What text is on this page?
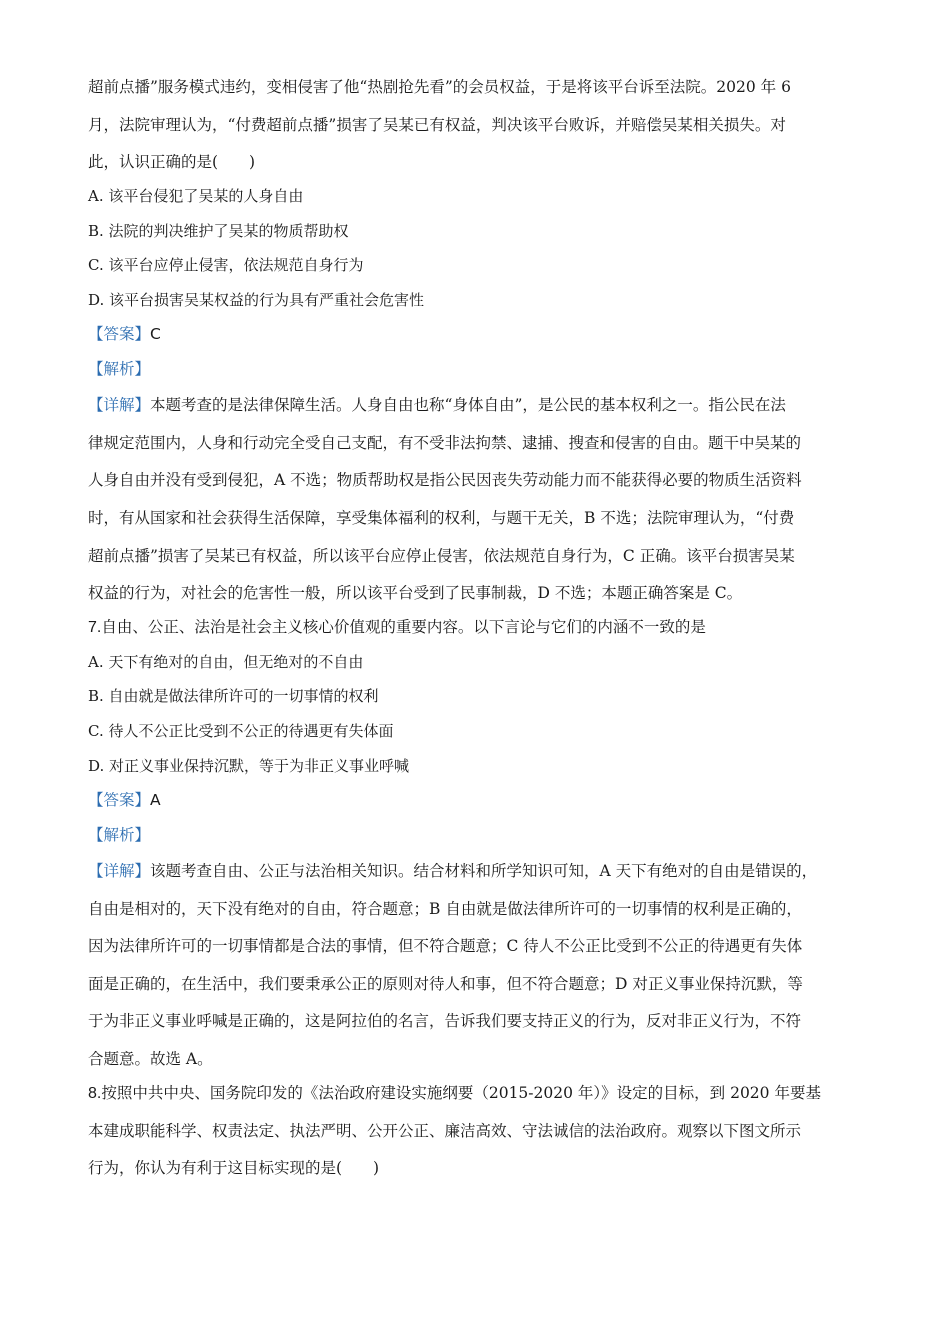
超前点播”服务模式违约，变相侵害了他“热剧抢先看”的会员权益，于是将该平台诉至法院。2020 年 6
月，法院审理认为，“付费超前点播”损害了吴某已有权益，判决该平台败诉，并赔偿吴某相关损失。对
此，认识正确的是(　　)
A. 该平台侵犯了吴某的人身自由
B. 法院的判决维护了吴某的物质帮助权
C. 该平台应停止侵害，依法规范自身行为
D. 该平台损害吴某权益的行为具有严重社会危害性
【答案】C
【解析】
【详解】本题考查的是法律保障生活。人身自由也称“身体自由”，是公民的基本权利之一。指公民在法
律规定范围内，人身和行动完全受自己支配，有不受非法拘禁、逮捕、搜查和侵害的自由。题干中吴某的
人身自由并没有受到侵犯，A 不选；物质帮助权是指公民因丧失劳动能力而不能获得必要的物质生活资料
时，有从国家和社会获得生活保障，享受集体福利的权利，与题干无关，B 不选；法院审理认为，“付费
超前点播”损害了吴某已有权益，所以该平台应停止侵害，依法规范自身行为，C 正确。该平台损害吴某
权益的行为，对社会的危害性一般，所以该平台受到了民事制裁，D 不选；本题正确答案是 C。
7.自由、公正、法治是社会主义核心价值观的重要内容。以下言论与它们的内涵不一致的是
A. 天下有绝对的自由，但无绝对的不自由
B. 自由就是做法律所许可的一切事情的权利
C. 待人不公正比受到不公正的待遇更有失体面
D. 对正义事业保持沉默，等于为非正义事业呼喊
【答案】A
【解析】
【详解】该题考查自由、公正与法治相关知识。结合材料和所学知识可知，A 天下有绝对的自由是错误的，
自由是相对的，天下没有绝对的自由，符合题意；B 自由就是做法律所许可的一切事情的权利是正确的，
因为法律所许可的一切事情都是合法的事情，但不符合题意；C 待人不公正比受到不公正的待遇更有失体
面是正确的，在生活中，我们要秉承公正的原则对待人和事，但不符合题意；D 对正义事业保持沉默，等
于为非正义事业呼喊是正确的，这是阿拉伯的名言，告诉我们要支持正义的行为，反对非正义行为，不符
合题意。故选 A。
8.按照中共中央、国务院印发的《法治政府建设实施纲要（2015-2020 年）》设定的目标，到 2020 年要基
本建成职能科学、权责法定、执法严明、公开公正、廉洁高效、守法诚信的法治政府。观察以下图文所示
行为，你认为有利于这目标实现的是(　　)
